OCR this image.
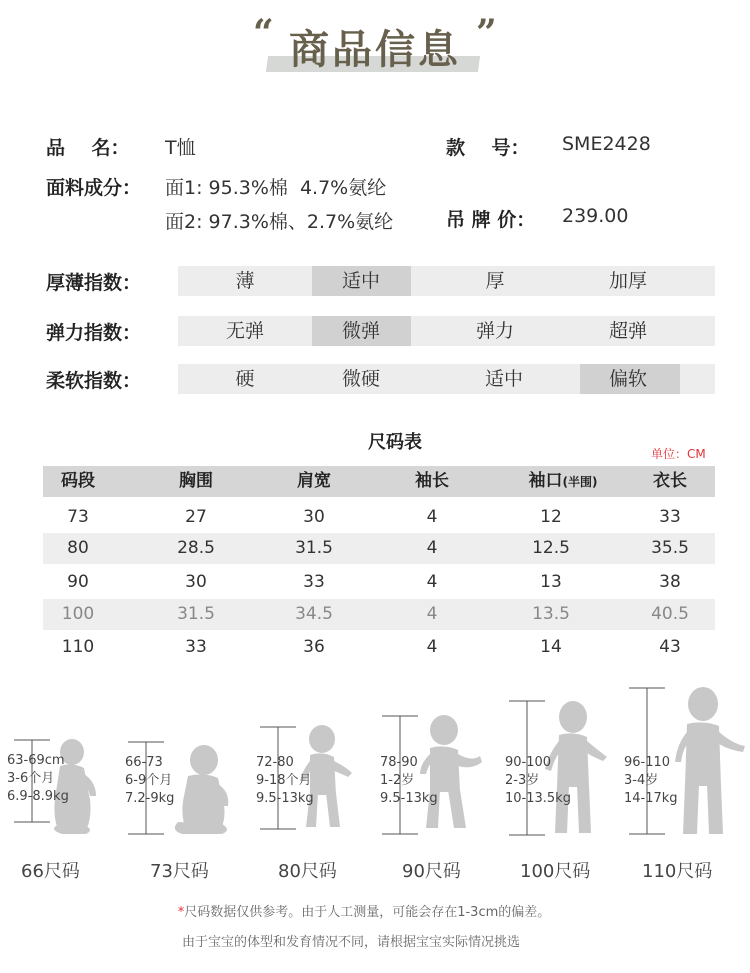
“ 商品信息 ”
品    名： T恤
面料成分： 面1: 95.3%棉  4.7%氨纶
面2: 97.3%棉、2.7%氨纶
款    号： SME2428
吊 牌 价： 239.00
厚薄指数：	薄	适中	厚	加厚
弹力指数：	无弹	微弹	弹力	超弹
柔软指数：	硬	微硬	适中	偏软
尺码表
单位：CM
码段	胸围	肩宽	袖长	袖口(半围)	衣长
73	27	30	4	12	33
80	28.5	31.5	4	12.5	35.5
90	30	33	4	13	38
100	31.5	34.5	4	13.5	40.5
110	33	36	4	14	43
63-69cm
3-6个月
6.9-8.9kg
66尺码
66-73
6-9个月
7.2-9kg
73尺码
72-80
9-18个月
9.5-13kg
80尺码
78-90
1-2岁
9.5-13kg
90尺码
90-100
2-3岁
10-13.5kg
100尺码
96-110
3-4岁
14-17kg
110尺码
*尺码数据仅供参考。由于人工测量，可能会存在1-3cm的偏差。
由于宝宝的体型和发育情况不同，请根据宝宝实际情况挑选
